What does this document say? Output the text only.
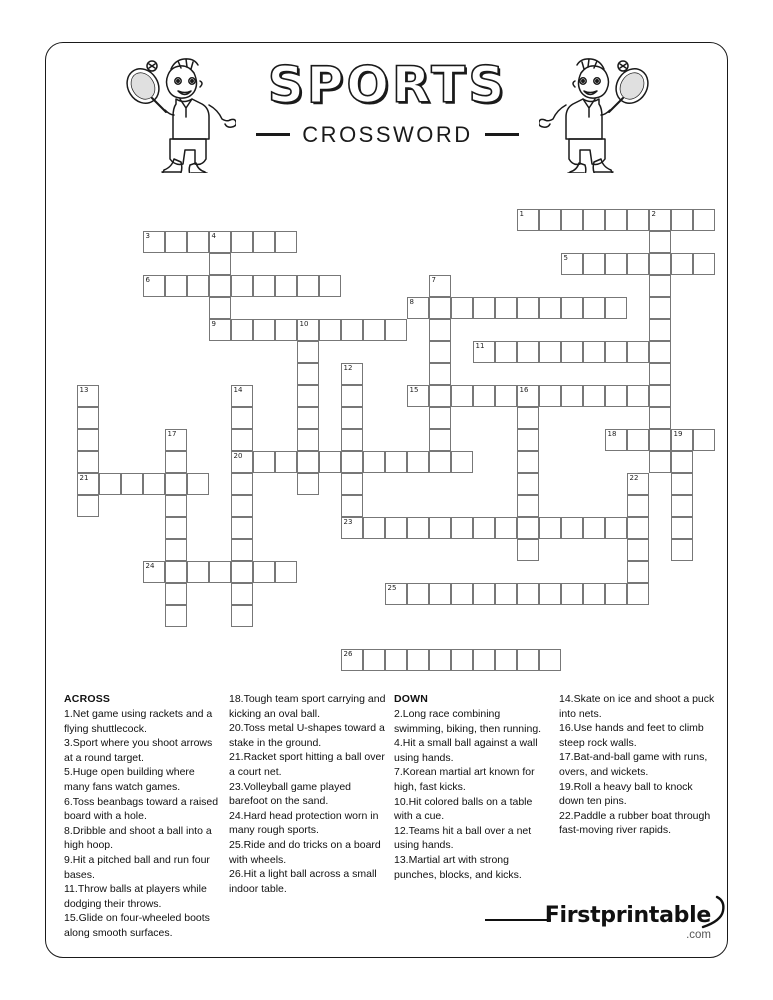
SPORTS
CROSSWORD
1	2
3	4
9
5
6	7
8
10
11
12
23
13
21
14
20
15	16
17	18	19
22
24
25
26
ACROSS

1.Net game using rackets and a flying shuttlecock.

3.Sport where you shoot arrows at a round target.

5.Huge open building where many fans watch games.

6.Toss beanbags toward a raised board with a hole.

8.Dribble and shoot a ball into a high hoop.

9.Hit a pitched ball and run four bases.

11.Throw balls at players while dodging their throws.

15.Glide on four-wheeled boots along smooth surfaces.

18.Tough team sport carrying and kicking an oval ball.

20.Toss metal U-shapes toward a stake in the ground.

21.Racket sport hitting a ball over a court net.

23.Volleyball game played barefoot on the sand.

24.Hard head protection worn in many rough sports.

25.Ride and do tricks on a board with wheels.

26.Hit a light ball across a small indoor table.

DOWN

2.Long race combining swimming, biking, then running.

4.Hit a small ball against a wall using hands.

7.Korean martial art known for high, fast kicks.

10.Hit colored balls on a table with a cue.

12.Teams hit a ball over a net using hands.

13.Martial art with strong punches, blocks, and kicks.

14.Skate on ice and shoot a puck into nets.

16.Use hands and feet to climb steep rock walls.

17.Bat-and-ball game with runs, overs, and wickets.

19.Roll a heavy ball to knock down ten pins.

22.Paddle a rubber boat through fast-moving river rapids.

Firstprintable
.com
